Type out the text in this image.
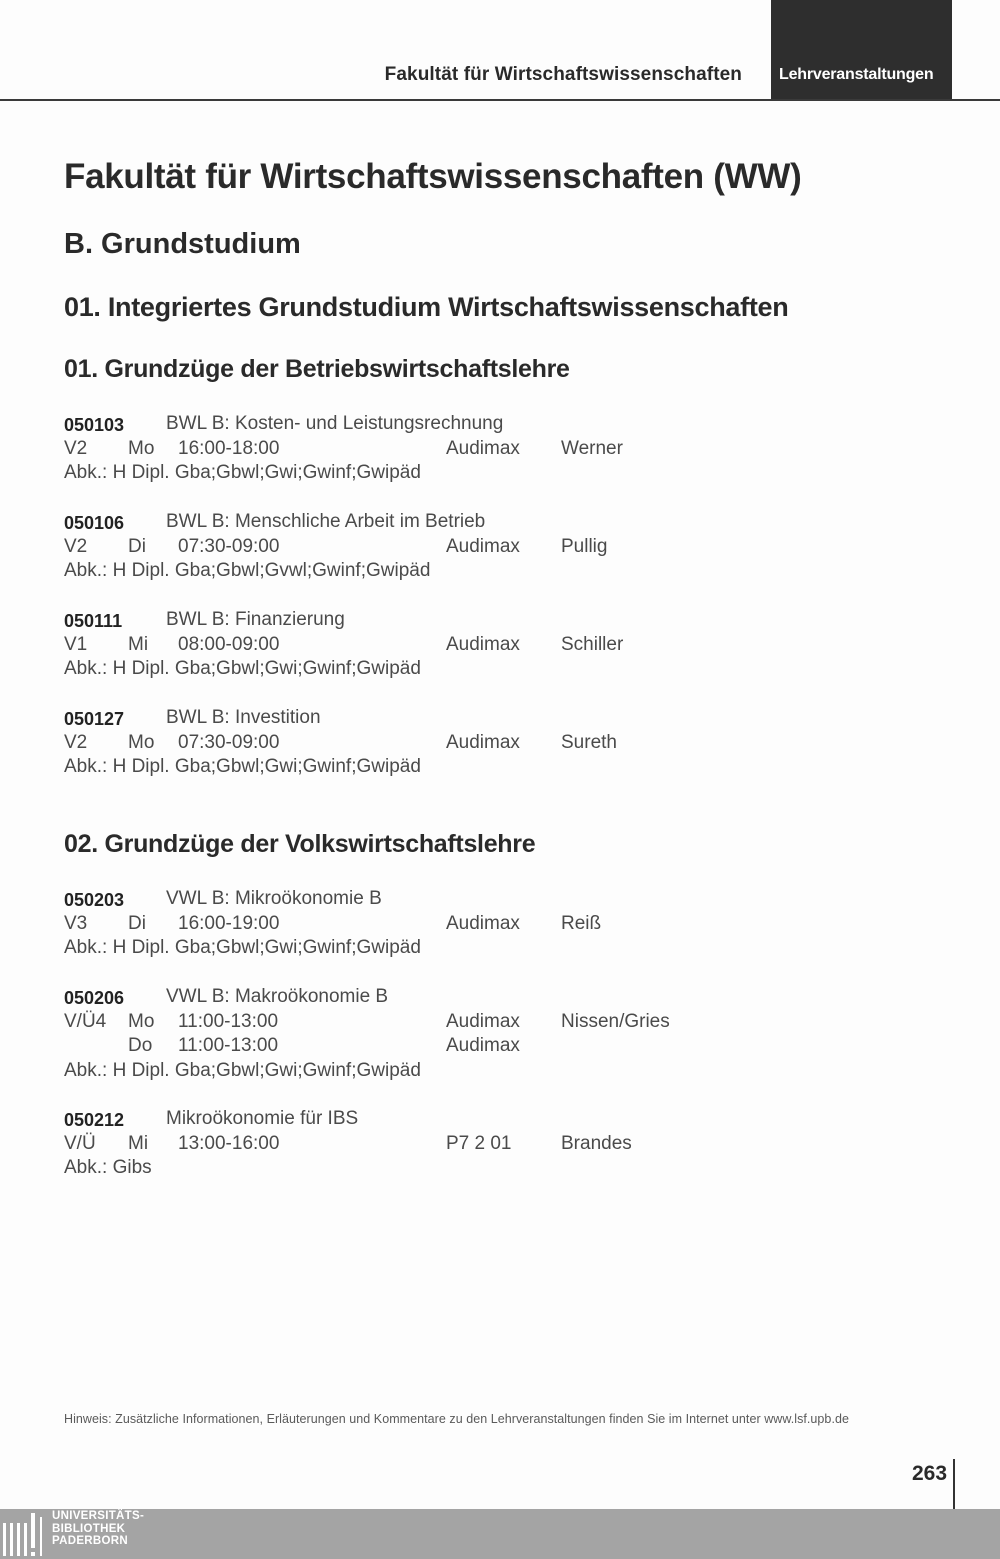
Fakultät für Wirtschaftswissenschaften Lehrveranstaltungen
Fakultät für Wirtschaftswissenschaften (WW)
B. Grundstudium
01. Integriertes Grundstudium Wirtschaftswissenschaften
01. Grundzüge der Betriebswirtschaftslehre
050103 BWL B: Kosten- und Leistungsrechnung
V2 Mo 16:00-18:00	Audimax Werner
Abk.: H Dipl. Gba;Gbwl;Gwi;Gwinf;Gwipäd
050106 BWL B: Menschliche Arbeit im Betrieb
V2 Di 07:30-09:00	Audimax Pullig
Abk.: H Dipl. Gba;Gbwl;Gvwl;Gwinf;Gwipäd
050111 BWL B: Finanzierung
V1 Mi 08:00-09:00	Audimax Schiller
Abk.: H Dipl. Gba;Gbwl;Gwi;Gwinf;Gwipäd
050127 BWL B: Investition
V2 Mo 07:30-09:00	Audimax Sureth
Abk.: H Dipl. Gba;Gbwl;Gwi;Gwinf;Gwipäd
02. Grundzüge der Volkswirtschaftslehre
050203 VWL B: Mikroökonomie B
V3 Di 16:00-19:00	Audimax Reiß
Abk.: H Dipl. Gba;Gbwl;Gwi;Gwinf;Gwipäd
050206 VWL B: Makroökonomie B
V/Ü4 Mo 11:00-13:00	Audimax Nissen/Gries
Do 11:00-13:00	Audimax
Abk.: H Dipl. Gba;Gbwl;Gwi;Gwinf;Gwipäd
050212 Mikroökonomie für IBS
V/Ü Mi 13:00-16:00	P7 2 01	Brandes
Abk.: Gibs
Hinweis: Zusätzliche Informationen, Erläuterungen und Kommentare zu den Lehrveranstaltungen finden Sie im Internet unter www.lsf.upb.de
263
UNIVERSITÄTS-
BIBLIOTHEK
PADERBORN
